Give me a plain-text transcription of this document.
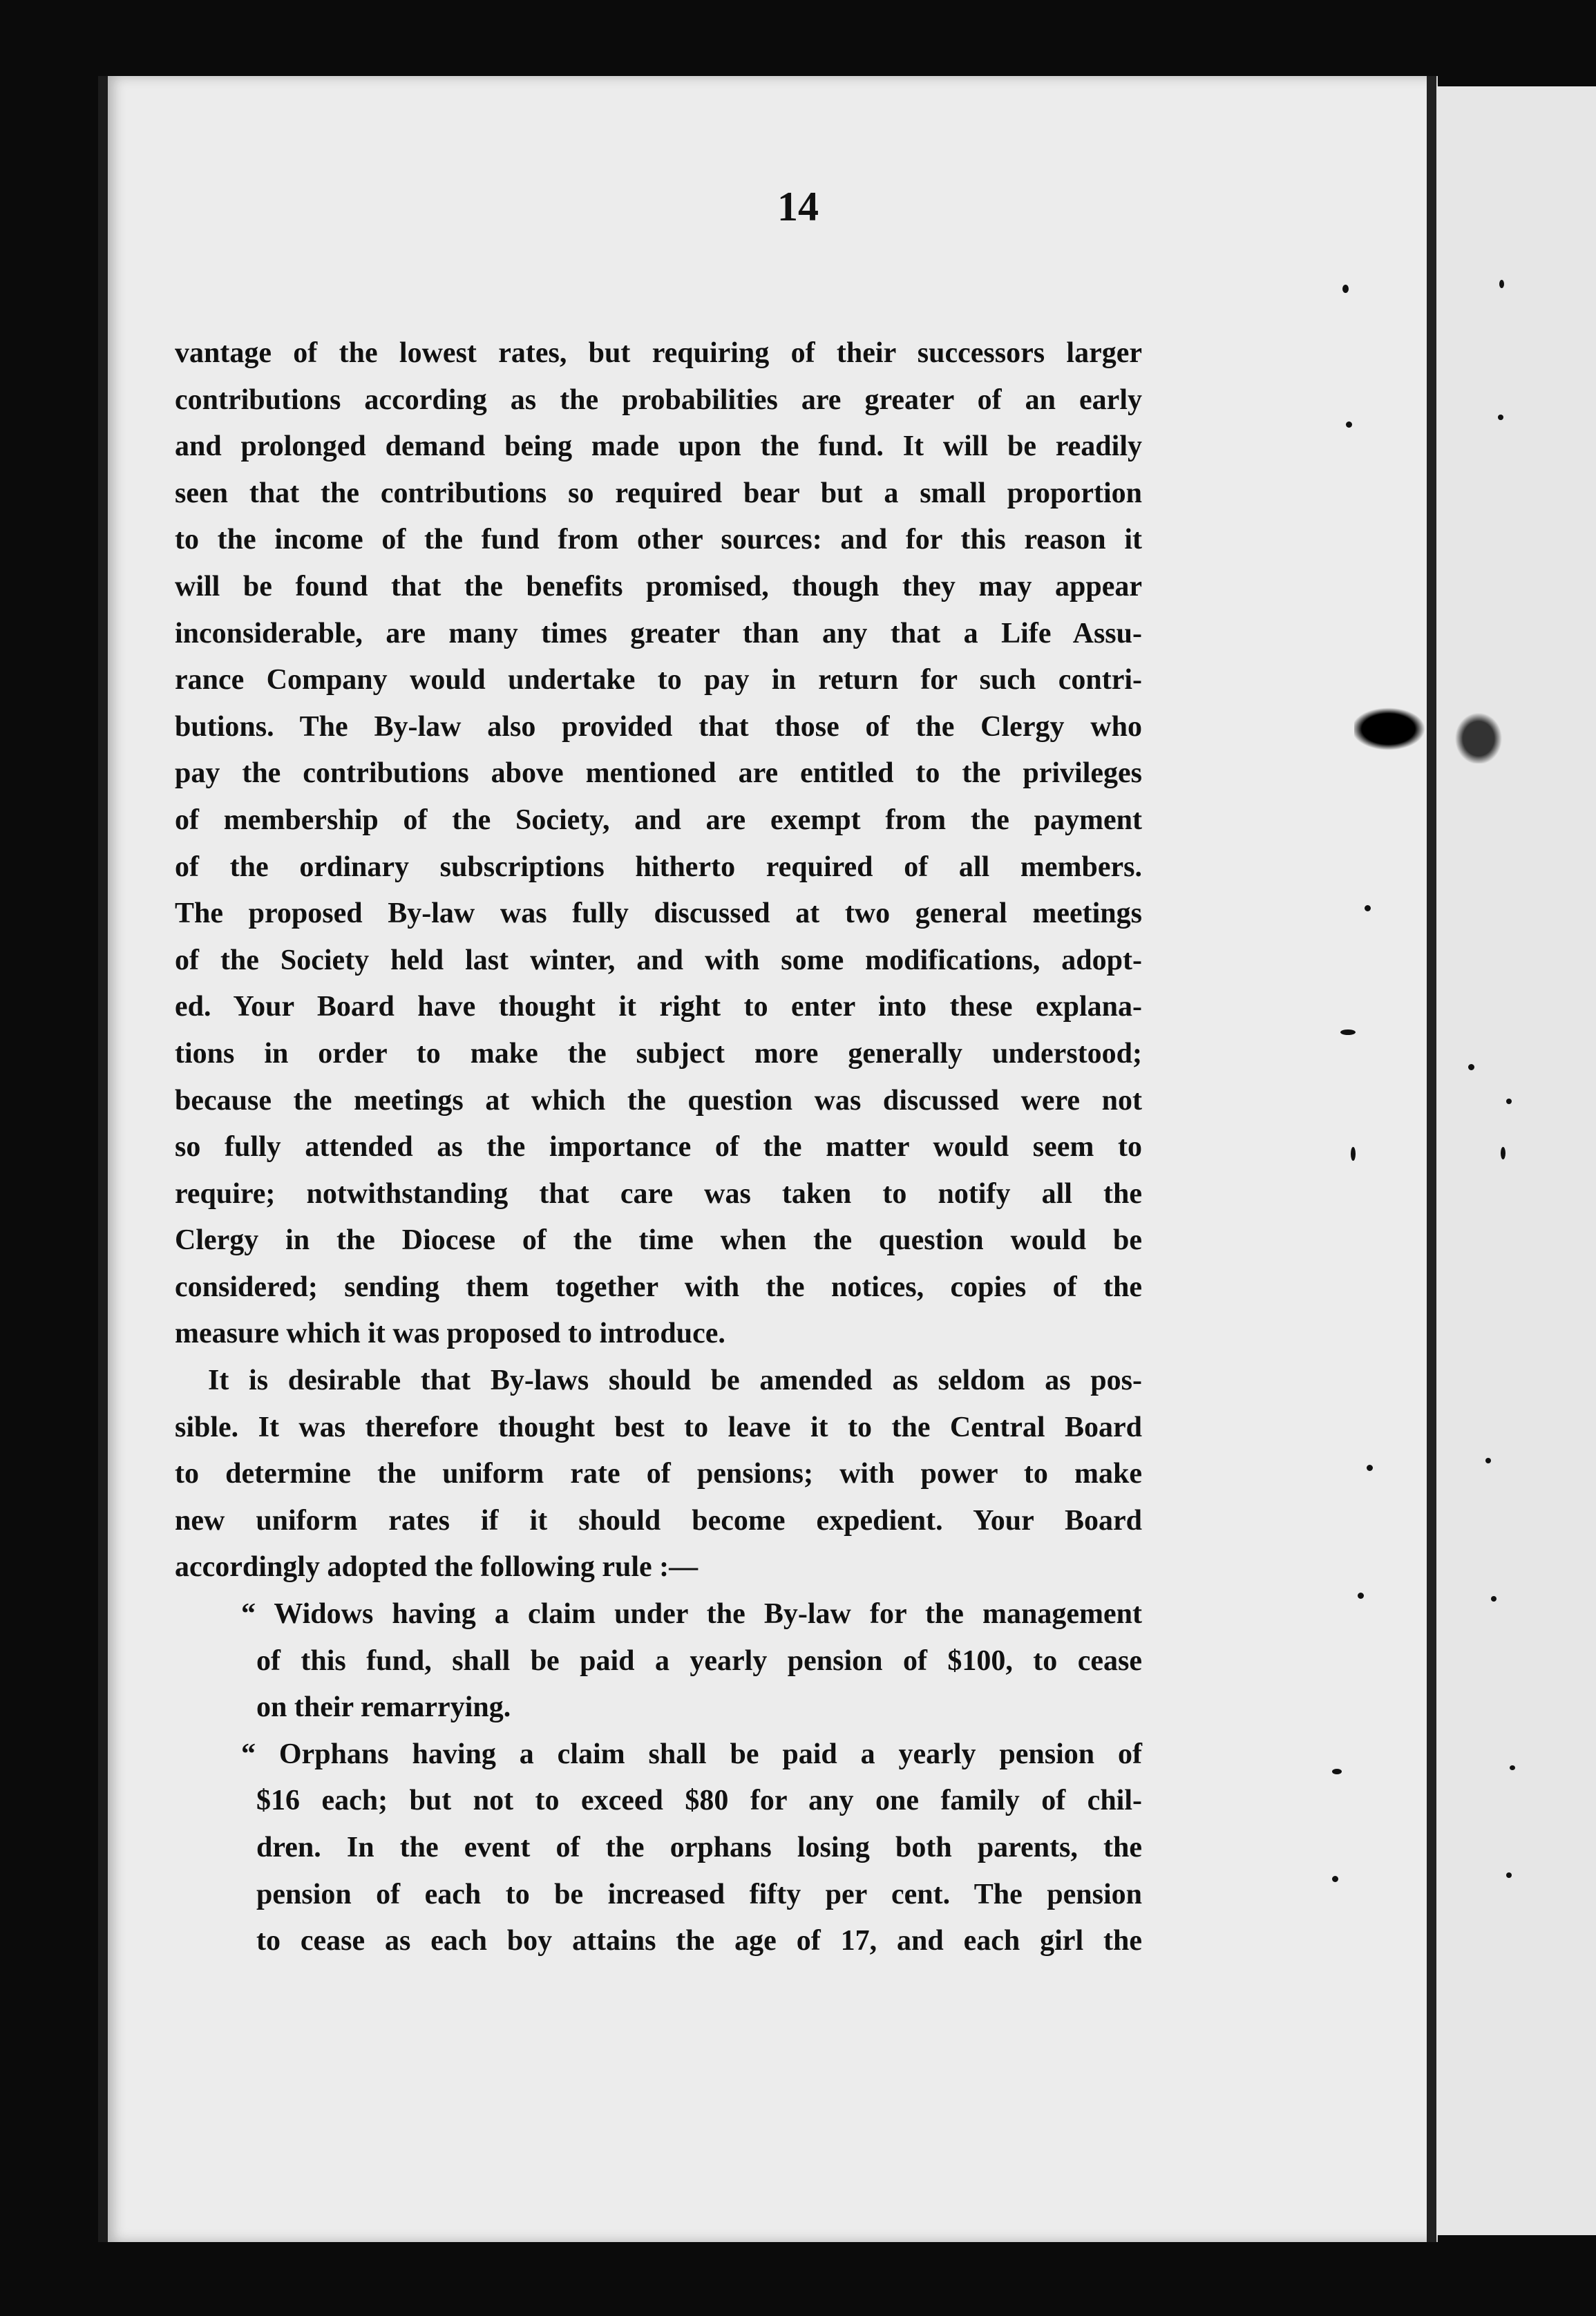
14
vantage of the lowest rates, but requiring of their successors larger
contributions according as the probabilities are greater of an early
and prolonged demand being made upon the fund. It will be readily
seen that the contributions so required bear but a small proportion
to the income of the fund from other sources: and for this reason it
will be found that the benefits promised, though they may appear
inconsiderable, are many times greater than any that a Life Assu-
rance Company would undertake to pay in return for such contri-
butions. The By-law also provided that those of the Clergy who
pay the contributions above mentioned are entitled to the privileges
of membership of the Society, and are exempt from the payment
of the ordinary subscriptions hitherto required of all members.
The proposed By-law was fully discussed at two general meetings
of the Society held last winter, and with some modifications, adopt-
ed. Your Board have thought it right to enter into these explana-
tions in order to make the subject more generally understood;
because the meetings at which the question was discussed were not
so fully attended as the importance of the matter would seem to
require; notwithstanding that care was taken to notify all the
Clergy in the Diocese of the time when the question would be
considered; sending them together with the notices, copies of the
measure which it was proposed to introduce.
It is desirable that By-laws should be amended as seldom as pos-
sible. It was therefore thought best to leave it to the Central Board
to determine the uniform rate of pensions; with power to make
new uniform rates if it should become expedient. Your Board
accordingly adopted the following rule :—
“ Widows having a claim under the By-law for the management
of this fund, shall be paid a yearly pension of $100, to cease
on their remarrying.
“ Orphans having a claim shall be paid a yearly pension of
$16 each; but not to exceed $80 for any one family of chil-
dren. In the event of the orphans losing both parents, the
pension of each to be increased fifty per cent. The pension
to cease as each boy attains the age of 17, and each girl the
